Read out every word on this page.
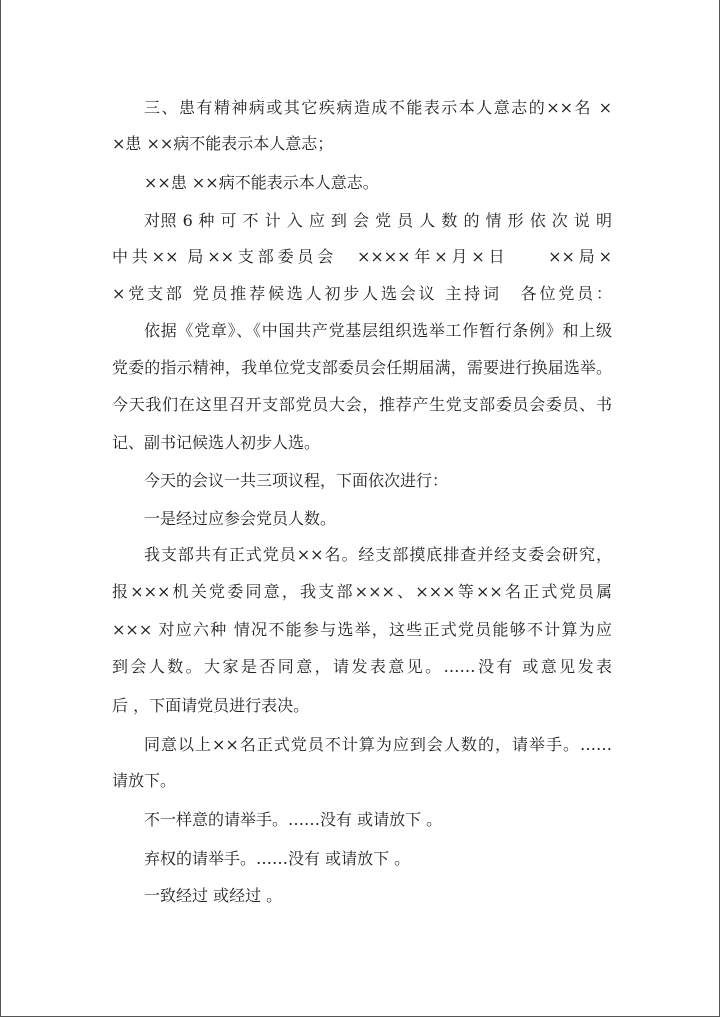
三、患有精神病或其它疾病造成不能表示本人意志的××名 ×
×患 ××病不能表示本人意志；
××患 ××病不能表示本人意志。
对照 6 种 可 不 计 入 应 到 会 党 员 人 数 的 情 形 依 次 说 明
中共×× 局××支部委员会　××××年×月×日　　××局×
×党支部 党员推荐候选人初步人选会议 主持词　各位党员：
依据《党章》、《中国共产党基层组织选举工作暂行条例》和上级
党委的指示精神，我单位党支部委员会任期届满，需要进行换届选举。
今天我们在这里召开支部党员大会，推荐产生党支部委员会委员、书
记、副书记候选人初步人选。
今天的会议一共三项议程，下面依次进行：
一是经过应参会党员人数。
我支部共有正式党员××名。经支部摸底排查并经支委会研究，
报×××机关党委同意，我支部×××、×××等××名正式党员属
××× 对应六种 情况不能参与选举，这些正式党员能够不计算为应
到会人数。大家是否同意，请发表意见。……没有 或意见发表
后 ，下面请党员进行表决。
同意以上××名正式党员不计算为应到会人数的，请举手。……
请放下。
不一样意的请举手。……没有 或请放下 。
弃权的请举手。……没有 或请放下 。
一致经过 或经过 。
